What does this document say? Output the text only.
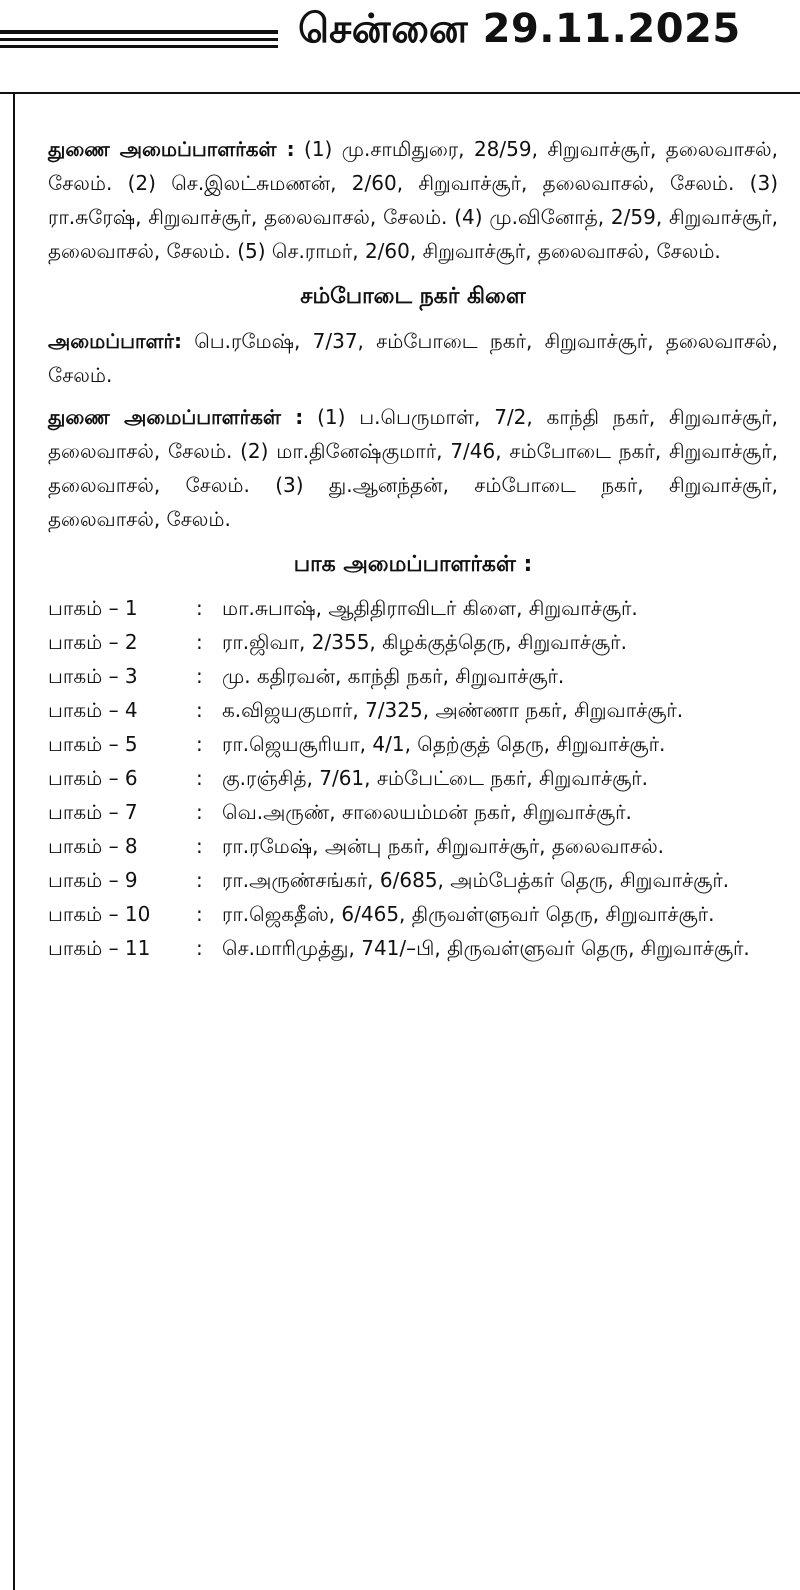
சென்னை 29.11.2025

துணை அமைப்பாளர்கள் : (1) மு.சாமிதுரை, 28/59, சிறுவாச்சூர், தலைவாசல், சேலம். (2) செ.இலட்சுமணன், 2/60, சிறுவாச்சூர், தலைவாசல், சேலம். (3) ரா.சுரேஷ், சிறுவாச்சூர், தலைவாசல், சேலம். (4) மு.வினோத், 2/59, சிறுவாச்சூர், தலைவாசல், சேலம். (5) செ.ராமர், 2/60, சிறுவாச்சூர், தலைவாசல், சேலம்.

சம்போடை நகர் கிளை

அமைப்பாளர்: பெ.ரமேஷ், 7/37, சம்போடை நகர், சிறுவாச்சூர், தலைவாசல், சேலம்.

துணை அமைப்பாளர்கள் : (1) ப.பெருமாள், 7/2, காந்தி நகர், சிறுவாச்சூர், தலைவாசல், சேலம். (2) மா.தினேஷ்குமார், 7/46, சம்போடை நகர், சிறுவாச்சூர், தலைவாசல், சேலம். (3) து.ஆனந்தன், சம்போடை நகர், சிறுவாச்சூர், தலைவாசல், சேலம்.

பாக அமைப்பாளர்கள் :
பாகம் – 1	: மா.சுபாஷ், ஆதிதிராவிடர் கிளை, சிறுவாச்சூர்.
பாகம் – 2	: ரா.ஜிவா, 2/355, கிழக்குத்தெரு, சிறுவாச்சூர்.
பாகம் – 3	: மு. கதிரவன், காந்தி நகர், சிறுவாச்சூர்.
பாகம் – 4	: க.விஜயகுமார், 7/325, அண்ணா நகர், சிறுவாச்சூர்.
பாகம் – 5	: ரா.ஜெயசூரியா, 4/1, தெற்குத் தெரு, சிறுவாச்சூர்.
பாகம் – 6	: கு.ரஞ்சித், 7/61, சம்பேட்டை நகர், சிறுவாச்சூர்.
பாகம் – 7	: வெ.அருண், சாலையம்மன் நகர், சிறுவாச்சூர்.
பாகம் – 8	: ரா.ரமேஷ், அன்பு நகர், சிறுவாச்சூர், தலைவாசல்.
பாகம் – 9	: ரா.அருண்சங்கர், 6/685, அம்பேத்கர் தெரு, சிறுவாச்சூர்.
பாகம் – 10	: ரா.ஜெகதீஸ், 6/465, திருவள்ளுவர் தெரு, சிறுவாச்சூர்.
பாகம் – 11	: செ.மாரிமுத்து, 741/–பி, திருவள்ளுவர் தெரு, சிறுவாச்சூர்.
